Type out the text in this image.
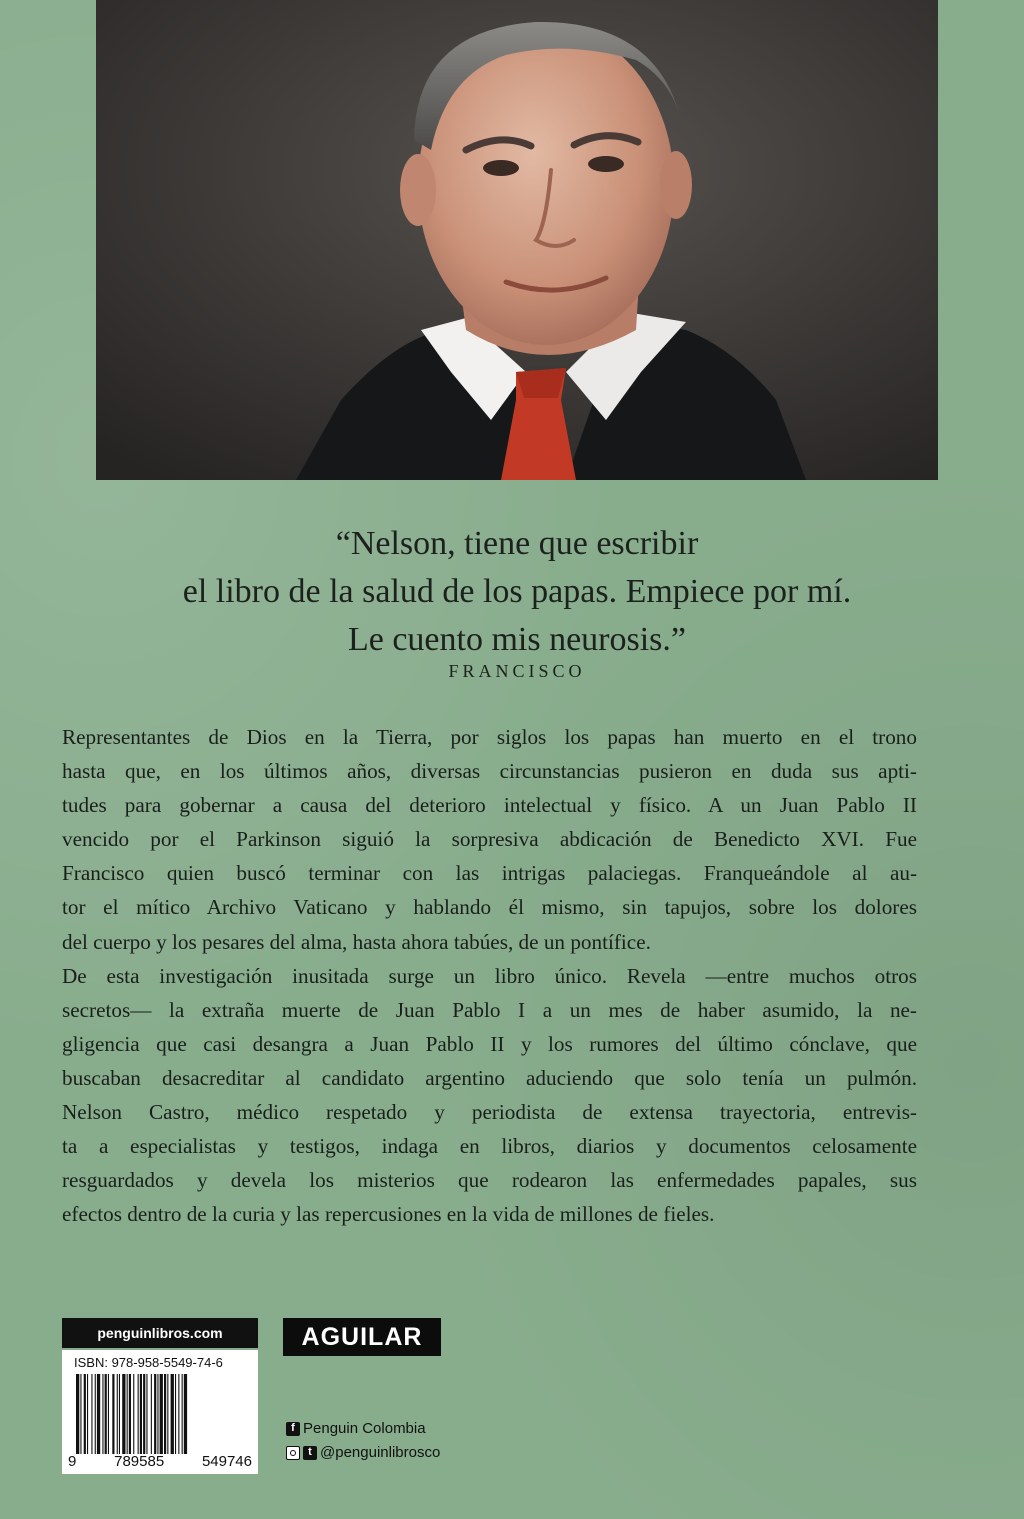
“Nelson, tiene que escribir
el libro de la salud de los papas. Empiece por mí.
Le cuento mis neurosis.”
FRANCISCO
Representantes de Dios en la Tierra, por siglos los papas han muerto en el trono
hasta que, en los últimos años, diversas circunstancias pusieron en duda sus apti-
tudes para gobernar a causa del deterioro intelectual y físico. A un Juan Pablo II
vencido por el Parkinson siguió la sorpresiva abdicación de Benedicto XVI. Fue
Francisco quien buscó terminar con las intrigas palaciegas. Franqueándole al au-
tor el mítico Archivo Vaticano y hablando él mismo, sin tapujos, sobre los dolores
del cuerpo y los pesares del alma, hasta ahora tabúes, de un pontífice.
De esta investigación inusitada surge un libro único. Revela —entre muchos otros
secretos— la extraña muerte de Juan Pablo I a un mes de haber asumido, la ne-
gligencia que casi desangra a Juan Pablo II y los rumores del último cónclave, que
buscaban desacreditar al candidato argentino aduciendo que solo tenía un pulmón.
Nelson Castro, médico respetado y periodista de extensa trayectoria, entrevis-
ta a especialistas y testigos, indaga en libros, diarios y documentos celosamente
resguardados y devela los misterios que rodearon las enfermedades papales, sus
efectos dentro de la curia y las repercusiones en la vida de millones de fieles.
penguinlibros.com	AGUILAR
ISBN: 978-958-5549-74-6
9	789585	549746
f Penguin Colombia
t @penguinlibrosco
